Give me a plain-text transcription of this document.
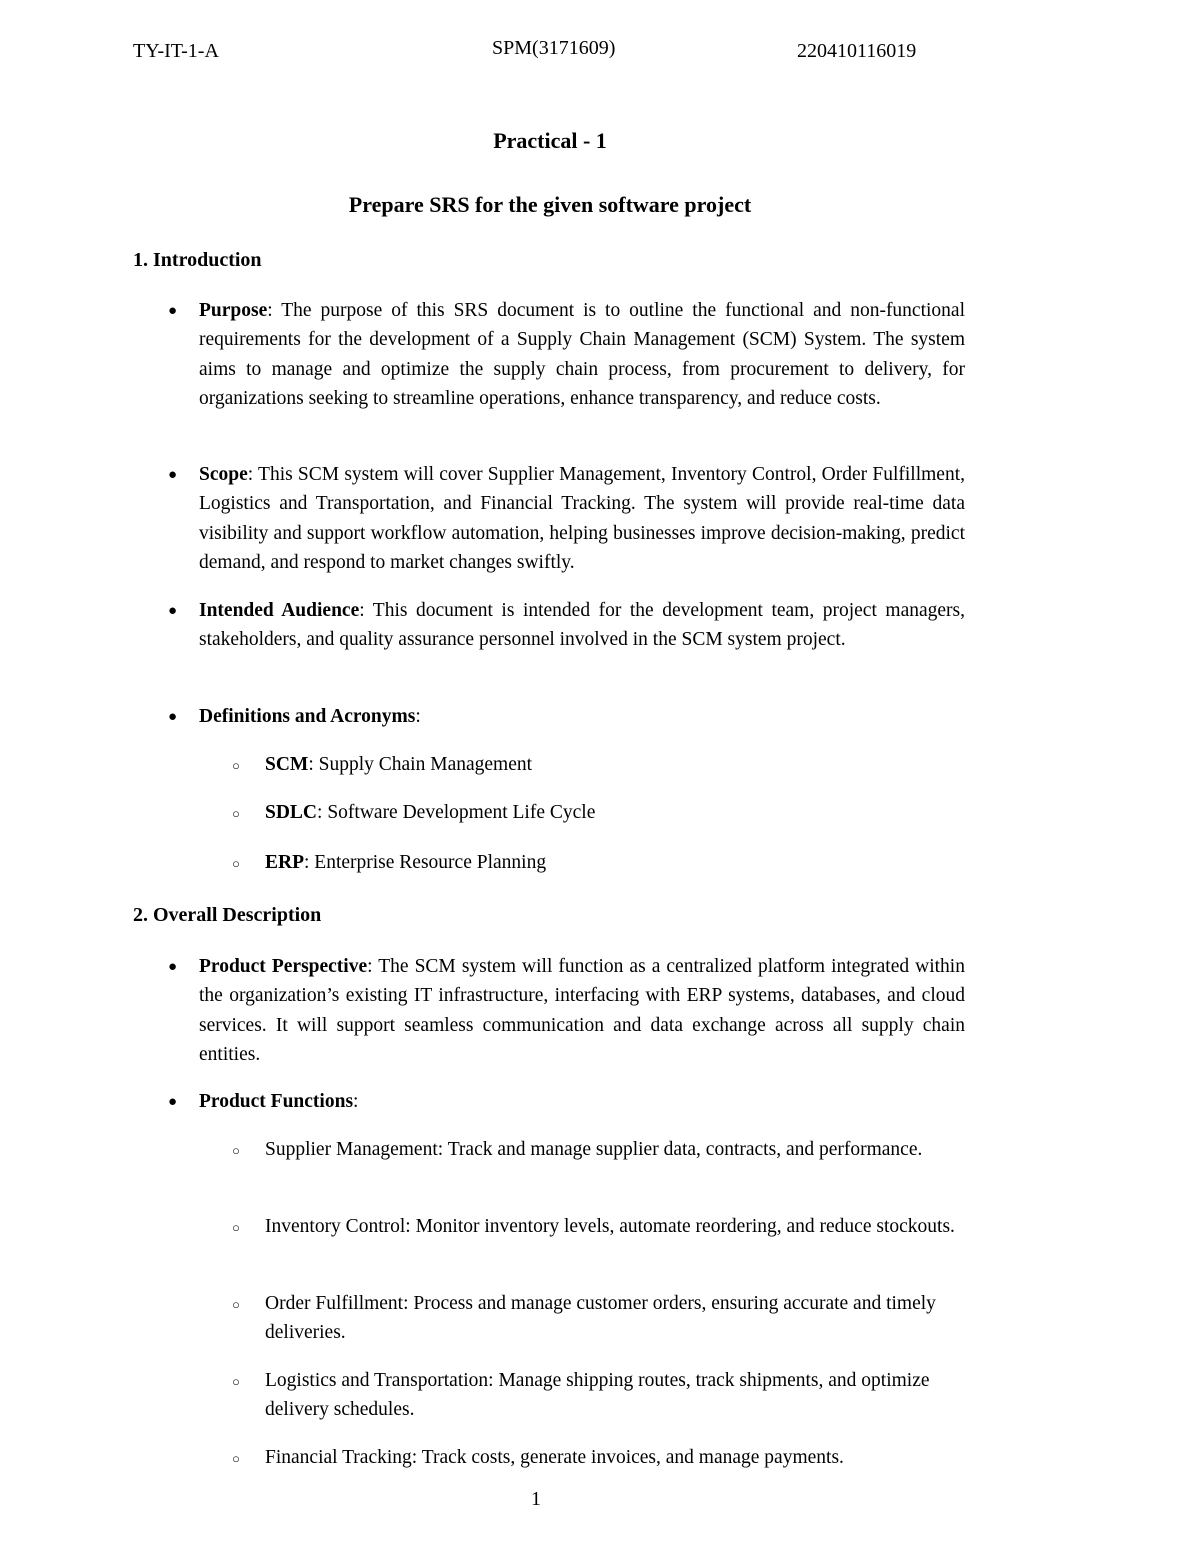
TY-IT-1-A	SPM(3171609)	220410116019
Practical - 1
Prepare SRS for the given software project
1. Introduction
● Purpose: The purpose of this SRS document is to outline the functional and non-functional requirements for the development of a Supply Chain Management (SCM) System. The system aims to manage and optimize the supply chain process, from procurement to delivery, for organizations seeking to streamline operations, enhance transparency, and reduce costs.
● Scope: This SCM system will cover Supplier Management, Inventory Control, Order Fulfillment, Logistics and Transportation, and Financial Tracking. The system will provide real-time data visibility and support workflow automation, helping businesses improve decision-making, predict demand, and respond to market changes swiftly.
● Intended Audience: This document is intended for the development team, project managers, stakeholders, and quality assurance personnel involved in the SCM system project.
● Definitions and Acronyms:
○ SCM: Supply Chain Management
○ SDLC: Software Development Life Cycle
○ ERP: Enterprise Resource Planning
2. Overall Description
● Product Perspective: The SCM system will function as a centralized platform integrated within the organization’s existing IT infrastructure, interfacing with ERP systems, databases, and cloud services. It will support seamless communication and data exchange across all supply chain entities.
● Product Functions:
○ Supplier Management: Track and manage supplier data, contracts, and performance.
○ Inventory Control: Monitor inventory levels, automate reordering, and reduce stockouts.
○ Order Fulfillment: Process and manage customer orders, ensuring accurate and timely deliveries.
○ Logistics and Transportation: Manage shipping routes, track shipments, and optimize delivery schedules.
○ Financial Tracking: Track costs, generate invoices, and manage payments.
1
